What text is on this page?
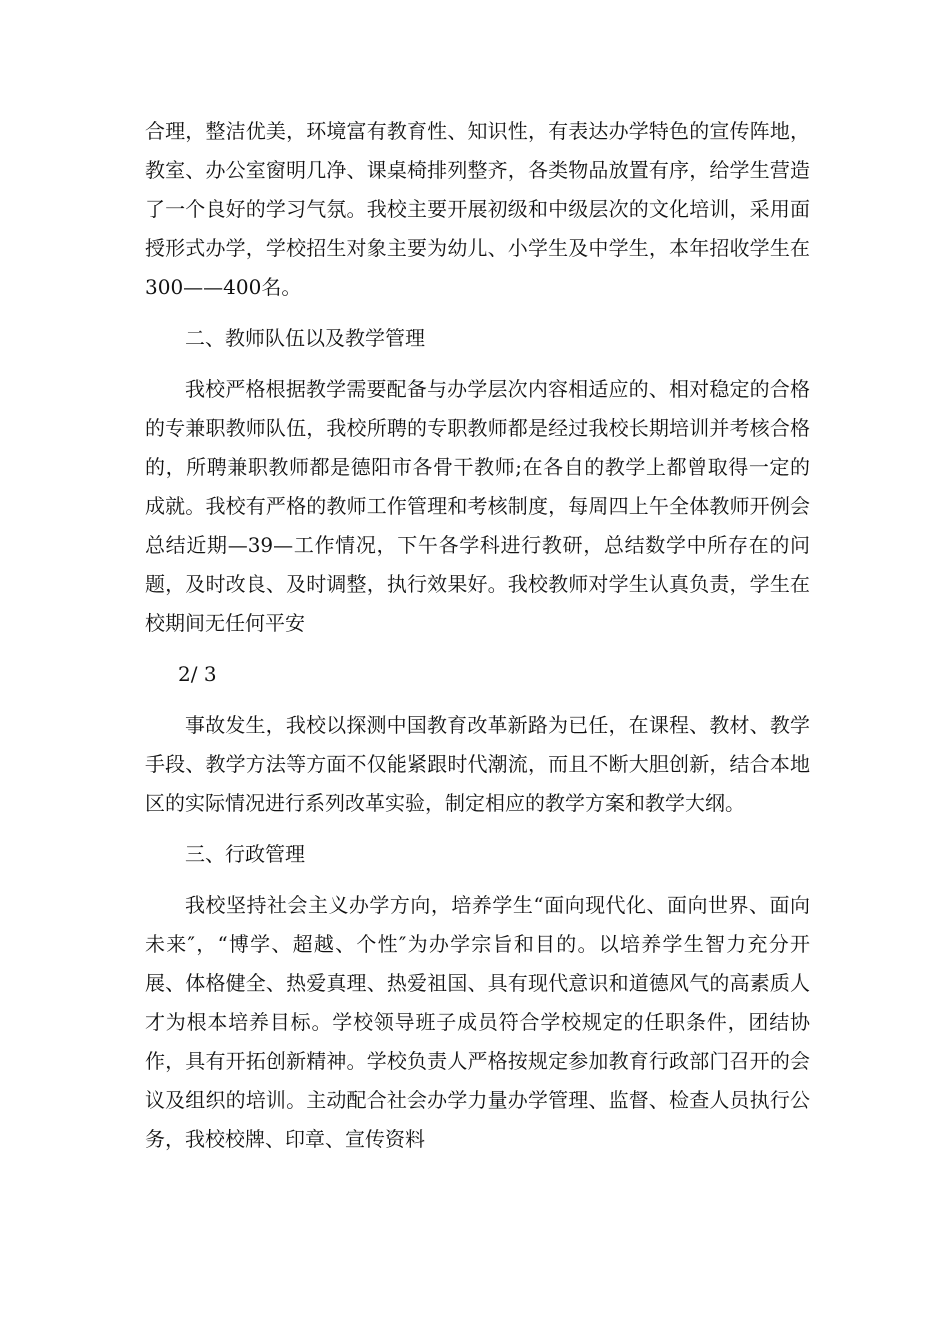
合理，整洁优美，环境富有教育性、知识性，有表达办学特色的宣传阵地，教室、办公室窗明几净、课桌椅排列整齐，各类物品放置有序，给学生营造了一个良好的学习气氛。我校主要开展初级和中级层次的文化培训，采用面授形式办学，学校招生对象主要为幼儿、小学生及中学生，本年招收学生在300——400名。

二、教师队伍以及教学管理

我校严格根据教学需要配备与办学层次内容相适应的、相对稳定的合格的专兼职教师队伍，我校所聘的专职教师都是经过我校长期培训并考核合格的，所聘兼职教师都是德阳市各骨干教师;在各自的教学上都曾取得一定的成就。我校有严格的教师工作管理和考核制度，每周四上午全体教师开例会总结近期—39—工作情况，下午各学科进行教研，总结数学中所存在的问题，及时改良、及时调整，执行效果好。我校教师对学生认真负责，学生在校期间无任何平安

2/ 3

事故发生，我校以探测中国教育改革新路为已任，在课程、教材、教学手段、教学方法等方面不仅能紧跟时代潮流，而且不断大胆创新，结合本地区的实际情况进行系列改革实验，制定相应的教学方案和教学大纲。

三、行政管理

我校坚持社会主义办学方向，培养学生“面向现代化、面向世界、面向未来″，“博学、超越、个性″为办学宗旨和目的。以培养学生智力充分开展、体格健全、热爱真理、热爱祖国、具有现代意识和道德风气的高素质人才为根本培养目标。学校领导班子成员符合学校规定的任职条件，团结协作，具有开拓创新精神。学校负责人严格按规定参加教育行政部门召开的会议及组织的培训。主动配合社会办学力量办学管理、监督、检查人员执行公务，我校校牌、印章、宣传资料
